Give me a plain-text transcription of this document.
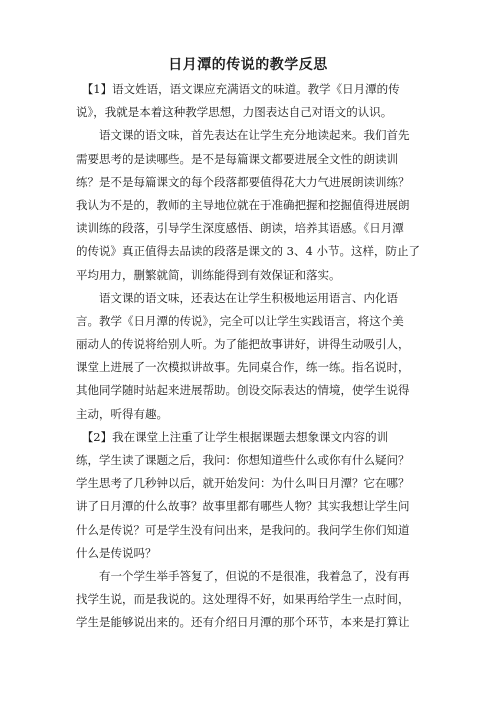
日月潭的传说的教学反思
　【1】语文姓语，语文课应充满语文的味道。教学《日月潭的传
说》，我就是本着这种教学思想，力图表达自己对语文的认识。
　　语文课的语文味，首先表达在让学生充分地读起来。我们首先
需要思考的是读哪些。是不是每篇课文都要进展全文性的朗读训
练？是不是每篇课文的每个段落都要值得花大力气进展朗读训练？
我认为不是的，教师的主导地位就在于准确把握和挖掘值得进展朗
读训练的段落，引导学生深度感悟、朗读，培养其语感。《日月潭
的传说》真正值得去品读的段落是课文的 3、4 小节。这样，防止了
平均用力，删繁就简，训练能得到有效保证和落实。
　　语文课的语文味，还表达在让学生积极地运用语言、内化语
言。教学《日月潭的传说》，完全可以让学生实践语言，将这个美
丽动人的传说将给别人听。为了能把故事讲好，讲得生动吸引人，
课堂上进展了一次模拟讲故事。先同桌合作，练一练。指名说时，
其他同学随时站起来进展帮助。创设交际表达的情境，使学生说得
主动，听得有趣。
　【2】我在课堂上注重了让学生根据课题去想象课文内容的训
练，学生读了课题之后，我问：你想知道些什么或你有什么疑问？
学生思考了几秒钟以后，就开始发问：为什么叫日月潭？它在哪？
讲了日月潭的什么故事？故事里都有哪些人物？其实我想让学生问
什么是传说？可是学生没有问出来，是我问的。我问学生你们知道
什么是传说吗？
　　有一个学生举手答复了，但说的不是很准，我着急了，没有再
找学生说，而是我说的。这处理得不好，如果再给学生一点时间，
学生是能够说出来的。还有介绍日月潭的那个环节，本来是打算让
